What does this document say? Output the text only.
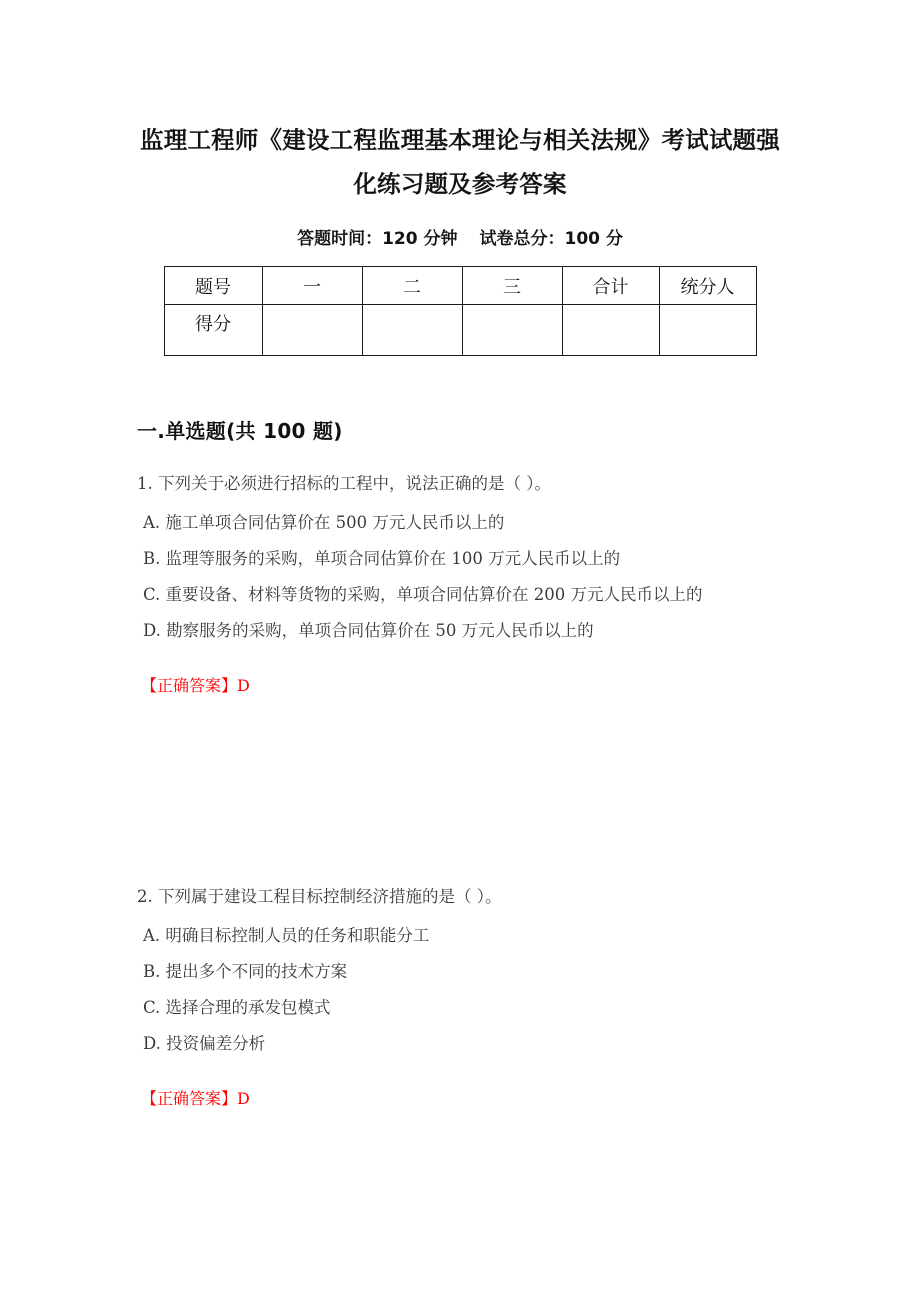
监理工程师《建设工程监理基本理论与相关法规》考试试题强化练习题及参考答案
答题时间：120 分钟 试卷总分：100 分
题号	一	二	三	合计	统分人
得分					
一.单选题(共 100 题)

1. 下列关于必须进行招标的工程中，说法正确的是（ ）。

A. 施工单项合同估算价在 500 万元人民币以上的
B. 监理等服务的采购，单项合同估算价在 100 万元人民币以上的
C. 重要设备、材料等货物的采购，单项合同估算价在 200 万元人民币以上的
D. 勘察服务的采购，单项合同估算价在 50 万元人民币以上的

【正确答案】D

2. 下列属于建设工程目标控制经济措施的是（ ）。

A. 明确目标控制人员的任务和职能分工
B. 提出多个不同的技术方案
C. 选择合理的承发包模式
D. 投资偏差分析

【正确答案】D
